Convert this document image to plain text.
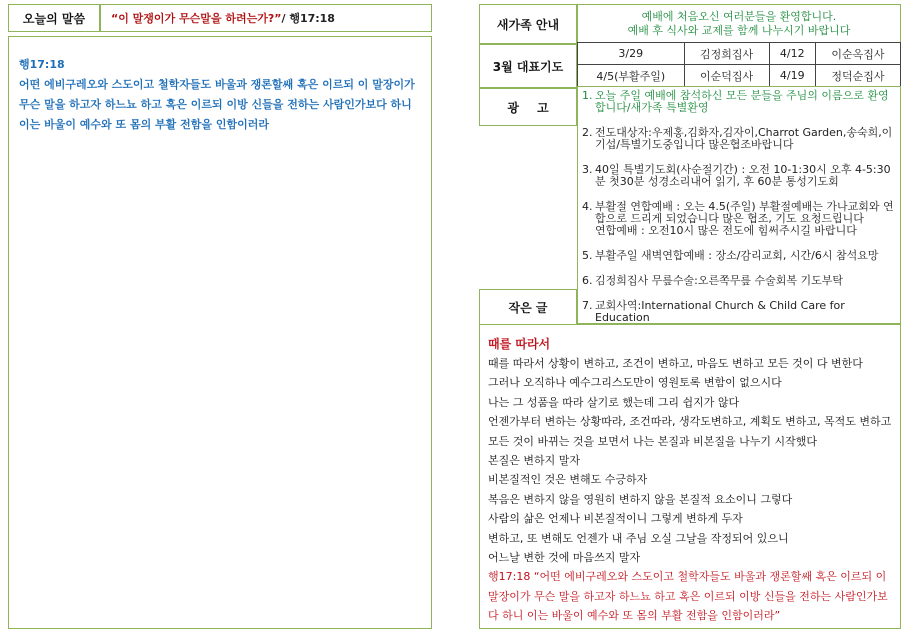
오늘의 말씀 “이 말쟁이가 무슨말을 하려는가?” / 행17:18
행17:18
어떤 에비구레오와 스도이고 철학자들도 바울과 쟁론할쌔 혹은 이르되 이 말장이가 무슨 말을 하고자 하느뇨 하고 혹은 이르되 이방 신들을 전하는 사람인가보다 하니 이는 바울이 예수와 또 몸의 부활 전함을 인함이러라
새가족 안내
예배에 처음오신 여러분들을 환영합니다.
예배 후 식사와 교제를 함께 나누시기 바랍니다
3월 대표기도
3/29	김정희집사	4/12	이순옥집사
4/5(부활주일)	이순덕집사	4/19	정덕순집사
광고
1. 오늘 주일 예배에 참석하신 모든 분들을 주님의 이름으로 환영합니다/새가족 특별환영
2. 전도대상자:우제홍,김화자,김자이,Charrot Garden,송숙희,이기섭/특별기도중입니다 많은협조바랍니다
3. 40일 특별기도회(사순절기간) : 오전 10-1:30시 오후 4-5:30분 첫30분 성경소리내어 읽기, 후 60분 통성기도회
4. 부활절 연합예배 : 오는 4.5(주일) 부활절예배는 가나교회와 연합으로 드리게 되었습니다 많은 협조, 기도 요청드립니다
연합예배 : 오전10시 많은 전도에 힘써주시길 바랍니다
5. 부활주일 새벽연합예배 : 장소/감리교회, 시간/6시 참석요망
6. 김정희집사 무릎수술:오른쪽무릎 수술회복 기도부탁
7. 교회사역:International Church & Child Care for Education
작은 글
때를 따라서
때를 따라서 상황이 변하고, 조건이 변하고, 마음도 변하고 모든 것이 다 변한다
그러나 오직하나 예수그리스도만이 영원토록 변함이 없으시다
나는 그 성품을 따라 살기로 했는데 그리 쉽지가 않다
언젠가부터 변하는 상황따라, 조건따라, 생각도변하고, 계획도 변하고, 목적도 변하고
모든 것이 바뀌는 것을 보면서 나는 본질과 비본질을 나누기 시작했다
본질은 변하지 말자
비본질적인 것은 변해도 수긍하자
복음은 변하지 않을 영원히 변하지 않을 본질적 요소이니 그렇다
사람의 삶은 언제나 비본질적이니 그렇게 변하게 두자
변하고, 또 변해도 언젠가 내 주님 오실 그날을 작정되어 있으니
어느날 변한 것에 마음쓰지 말자
행17:18 “어떤 에비구레오와 스도이고 철학자들도 바울과 쟁론할쌔 혹은 이르되 이 말장이가 무슨 말을 하고자 하느뇨 하고 혹은 이르되 이방 신들을 전하는 사람인가보다 하니 이는 바울이 예수와 또 몸의 부활 전함을 인함이러라”
